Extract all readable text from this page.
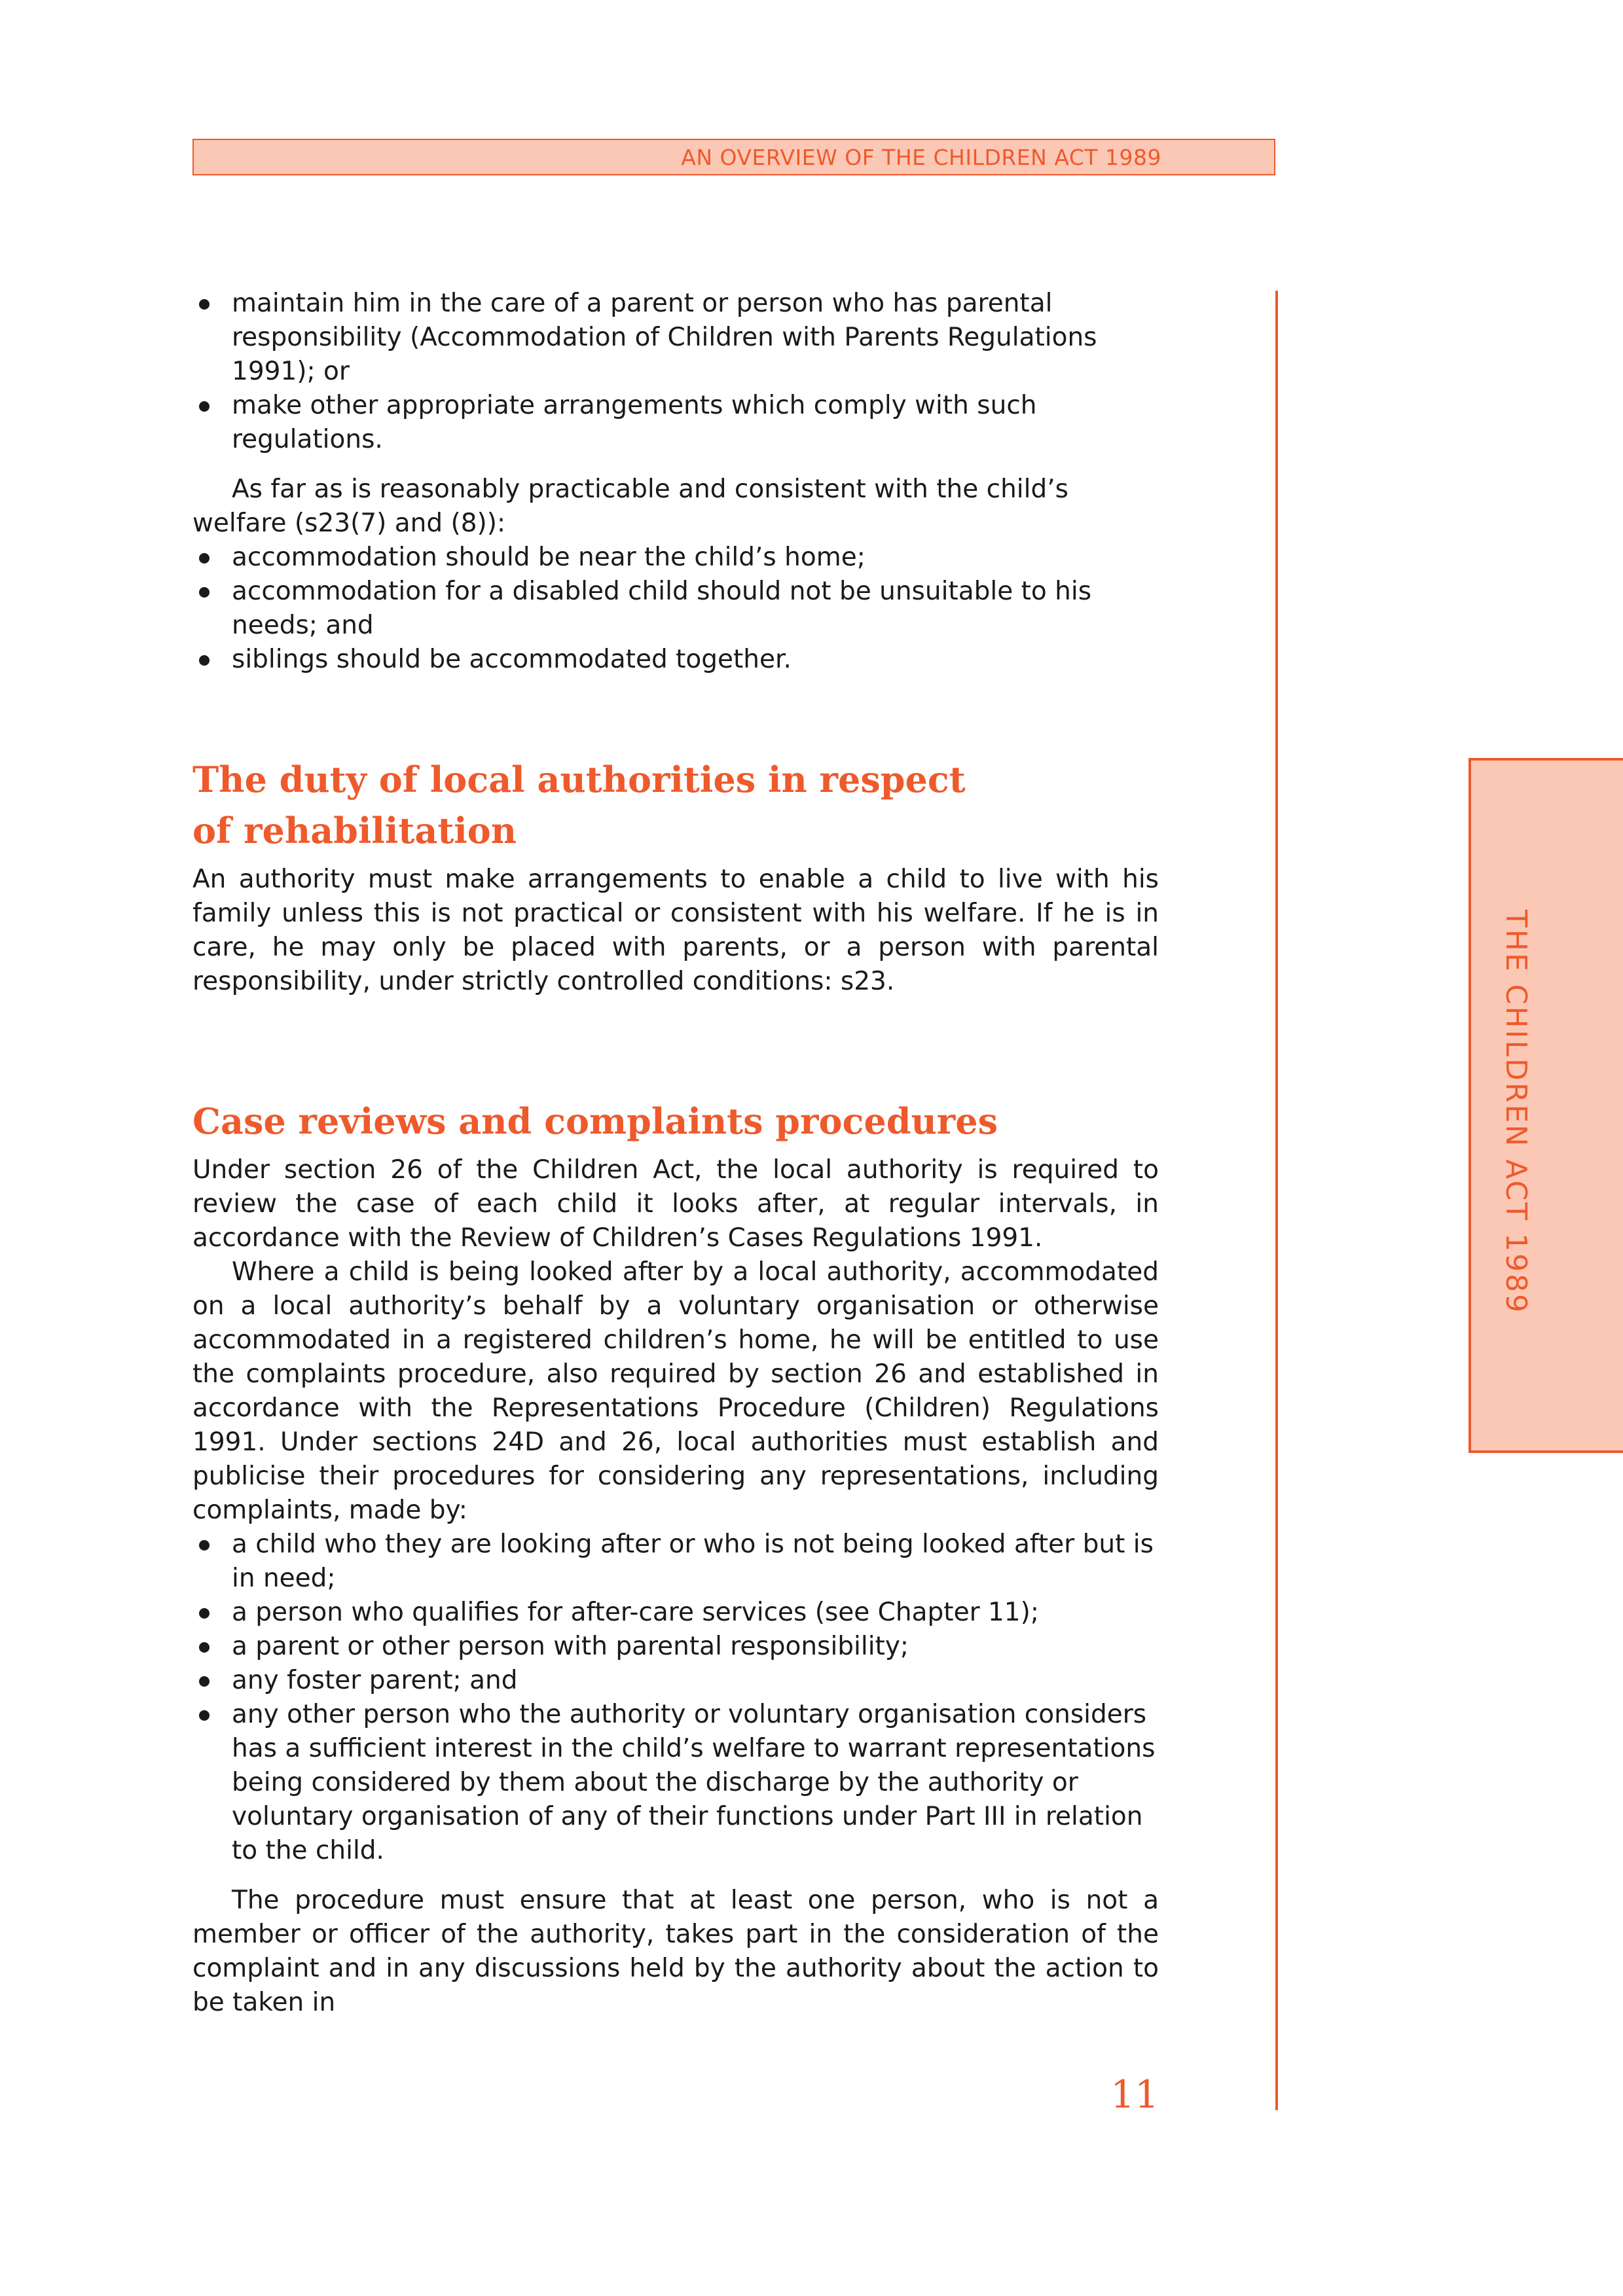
AN OVERVIEW OF THE CHILDREN ACT 1989
THE CHILDREN ACT 1989
maintain him in the care of a parent or person who has parental responsibility (Accommodation of Children with Parents Regulations 1991); or
make other appropriate arrangements which comply with such regulations.

As far as is reasonably practicable and consistent with the child’s welfare (s23(7) and (8)):

accommodation should be near the child’s home;
accommodation for a disabled child should not be unsuitable to his needs; and
siblings should be accommodated together.
The duty of local authorities in respect
of rehabilitation

An authority must make arrangements to enable a child to live with his family unless this is not practical or consistent with his welfare. If he is in care, he may only be placed with parents, or a person with parental responsibility, under strictly controlled conditions: s23.

Case reviews and complaints procedures

Under section 26 of the Children Act, the local authority is required to review the case of each child it looks after, at regular intervals, in accordance with the Review of Children’s Cases Regulations 1991.

Where a child is being looked after by a local authority, accommodated on a local authority’s behalf by a voluntary organisation or otherwise accommodated in a registered children’s home, he will be entitled to use the complaints procedure, also required by section 26 and established in accordance with the Representations Procedure (Children) Regulations 1991. Under sections 24D and 26, local authorities must establish and publicise their procedures for considering any representations, including complaints, made by:

a child who they are looking after or who is not being looked after but is in need;
a person who qualifies for after-care services (see Chapter 11);
a parent or other person with parental responsibility;
any foster parent; and
any other person who the authority or voluntary organisation considers has a sufficient interest in the child’s welfare to warrant representations being considered by them about the discharge by the authority or voluntary organisation of any of their functions under Part III in relation to the child.

The procedure must ensure that at least one person, who is not a member or officer of the authority, takes part in the consideration of the complaint and in any discussions held by the authority about the action to be taken in

11
